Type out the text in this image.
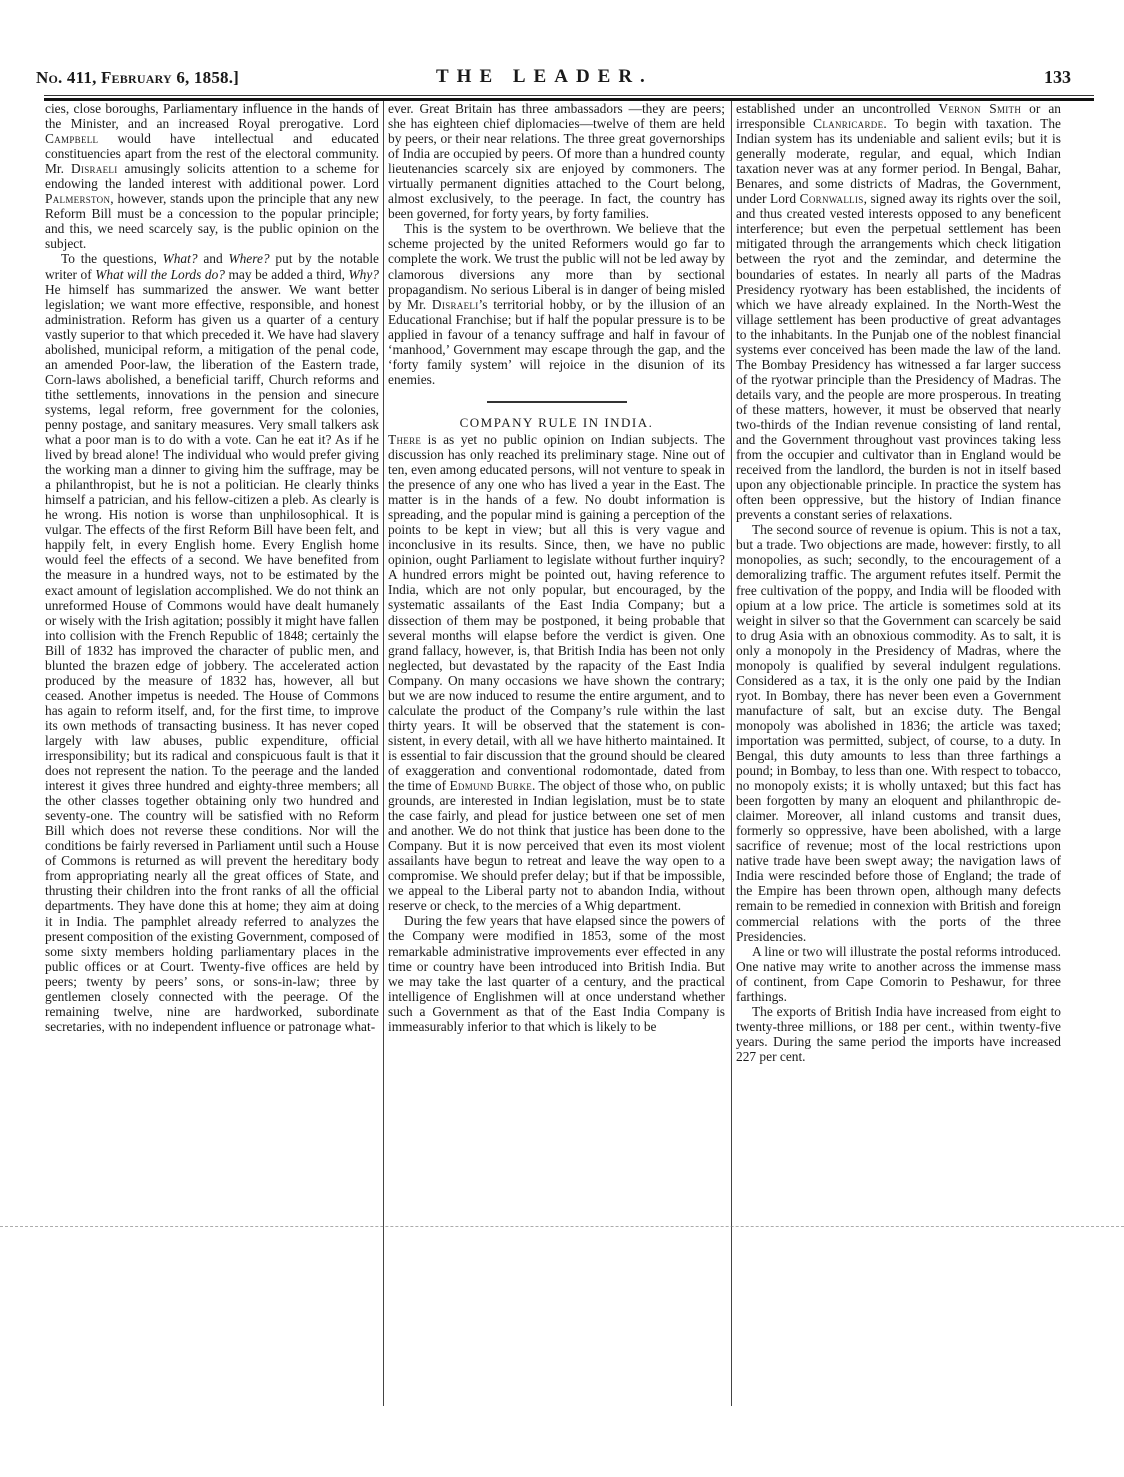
No. 411, February 6, 1858.]	THE LEADER.	133

cies, close boroughs, Parliamentary influence in the hands of the Minister, and an increased Royal prerogative. Lord Campbell would have intellectual and educated constituencies apart from the rest of the electoral community. Mr. Disraeli amusingly solicits attention to a scheme for endowing the landed interest with additional power. Lord Palmerston, however, stands upon the principle that any new Reform Bill must be a concession to the popular principle; and this, we need scarcely say, is the public opinion on the subject.

To the questions, What? and Where? put by the notable writer of What will the Lords do? may be added a third, Why? He himself has summarized the answer. We want better legislation; we want more effective, responsible, and honest administration. Reform has given us a quarter of a century vastly superior to that which preceded it. We have had slavery abolished, municipal reform, a mitigation of the penal code, an amended Poor-law, the liberation of the Eastern trade, Corn-laws abolished, a beneficial tariff, Church reforms and tithe settlements, innovations in the pension and sinecure systems, legal reform, free government for the colonies, penny postage, and sanitary measures. Very small talkers ask what a poor man is to do with a vote. Can he eat it? As if he lived by bread alone! The individual who would prefer giving the working man a dinner to giving him the suffrage, may be a philanthropist, but he is not a politician. He clearly thinks himself a patrician, and his fellow-citizen a pleb. As clearly is he wrong. His notion is worse than unphilosophical. It is vulgar. The effects of the first Reform Bill have been felt, and happily felt, in every English home. Every English home would feel the effects of a second. We have benefited from the measure in a hundred ways, not to be estimated by the exact amount of legislation accomplished. We do not think an unreformed House of Commons would have dealt humanely or wisely with the Irish agitation; possibly it might have fallen into collision with the French Republic of 1848; certainly the Bill of 1832 has improved the character of public men, and blunted the brazen edge of jobbery. The accelerated action produced by the measure of 1832 has, however, all but ceased. Another impetus is needed. The House of Commons has again to reform itself, and, for the first time, to improve its own methods of transacting business. It has never coped largely with law abuses, public expenditure, official irresponsibility; but its radical and conspicuous fault is that it does not represent the nation. To the peerage and the landed interest it gives three hundred and eighty-three members; all the other classes together obtaining only two hundred and seventy-one. The country will be satisfied with no Reform Bill which does not reverse these conditions. Nor will the conditions be fairly reversed in Parliament until such a House of Commons is returned as will prevent the hereditary body from appropriating nearly all the great offices of State, and thrusting their children into the front ranks of all the official departments. They have done this at home; they aim at doing it in India. The pamphlet already referred to analyzes the present composition of the existing Government, composed of some sixty members holding parliamentary places in the public offices or at Court. Twenty-five offices are held by peers; twenty by peers’ sons, or sons-in-law; three by gentlemen closely connected with the peerage. Of the remaining twelve, nine are hardworked, subordinate secretaries, with no independent influence or patronage what-

ever. Great Britain has three ambassadors —they are peers; she has eighteen chief diplomacies—twelve of them are held by peers, or their near relations. The three great governorships of India are occupied by peers. Of more than a hundred county lieutenancies scarcely six are enjoyed by commoners. The virtually permanent dignities attached to the Court belong, almost exclusively, to the peerage. In fact, the country has been governed, for forty years, by forty families.

This is the system to be overthrown. We believe that the scheme projected by the united Reformers would go far to complete the work. We trust the public will not be led away by clamorous diversions any more than by sectional propagandism. No serious Liberal is in danger of being misled by Mr. Disraeli’s territorial hobby, or by the illusion of an Educational Franchise; but if half the popular pressure is to be applied in favour of a tenancy suffrage and half in favour of ‘manhood,’ Government may escape through the gap, and the ‘forty family system’ will rejoice in the disunion of its enemies.

COMPANY RULE IN INDIA.

There is as yet no public opinion on Indian subjects. The discussion has only reached its preliminary stage. Nine out of ten, even among educated persons, will not venture to speak in the presence of any one who has lived a year in the East. The matter is in the hands of a few. No doubt information is spreading, and the popular mind is gaining a perception of the points to be kept in view; but all this is very vague and inconclusive in its results. Since, then, we have no public opinion, ought Parliament to legislate without further inquiry? A hundred errors might be pointed out, having reference to India, which are not only popular, but encouraged, by the systematic assailants of the East India Company; but a dissection of them may be postponed, it being probable that several months will elapse before the verdict is given. One grand fallacy, however, is, that British India has been not only neglected, but devastated by the rapacity of the East India Company. On many occasions we have shown the contrary; but we are now induced to resume the entire argument, and to calculate the product of the Company’s rule within the last thirty years. It will be observed that the statement is consistent, in every detail, with all we have hitherto maintained. It is essential to fair discussion that the ground should be cleared of exaggeration and conventional rodomontade, dated from the time of Edmund Burke. The object of those who, on public grounds, are interested in Indian legislation, must be to state the case fairly, and plead for justice between one set of men and another. We do not think that justice has been done to the Company. But it is now perceived that even its most violent assailants have begun to retreat and leave the way open to a compromise. We should prefer delay; but if that be impossible, we appeal to the Liberal party not to abandon India, without reserve or check, to the mercies of a Whig department.

During the few years that have elapsed since the powers of the Company were modified in 1853, some of the most remarkable administrative improvements ever effected in any time or country have been introduced into British India. But we may take the last quarter of a century, and the practical intelligence of Englishmen will at once understand whether such a Government as that of the East India Company is immeasurably inferior to that which is likely to be

established under an uncontrolled Vernon Smith or an irresponsible Clanricarde. To begin with taxation. The Indian system has its undeniable and salient evils; but it is generally moderate, regular, and equal, which Indian taxation never was at any former period. In Bengal, Bahar, Benares, and some districts of Madras, the Government, under Lord Cornwallis, signed away its rights over the soil, and thus created vested interests opposed to any beneficent interference; but even the perpetual settlement has been mitigated through the arrangements which check litigation between the ryot and the zemindar, and determine the boundaries of estates. In nearly all parts of the Madras Presidency ryotwary has been established, the incidents of which we have already explained. In the North-West the village settlement has been productive of great advantages to the inhabitants. In the Punjab one of the noblest financial systems ever conceived has been made the law of the land. The Bombay Presidency has witnessed a far larger success of the ryotwar principle than the Presidency of Madras. The details vary, and the people are more prosperous. In treating of these matters, however, it must be observed that nearly two-thirds of the Indian revenue consisting of land rental, and the Government throughout vast provinces taking less from the occupier and cultivator than in England would be received from the landlord, the burden is not in itself based upon any objectionable principle. In practice the system has often been oppressive, but the history of Indian finance prevents a constant series of relaxations.

The second source of revenue is opium. This is not a tax, but a trade. Two objections are made, however: firstly, to all monopolies, as such; secondly, to the encouragement of a demoralizing traffic. The argument refutes itself. Permit the free cultivation of the poppy, and India will be flooded with opium at a low price. The article is sometimes sold at its weight in silver so that the Government can scarcely be said to drug Asia with an obnoxious commodity. As to salt, it is only a monopoly in the Presidency of Madras, where the monopoly is qualified by several indulgent regulations. Considered as a tax, it is the only one paid by the Indian ryot. In Bombay, there has never been even a Government manufacture of salt, but an excise duty. The Bengal monopoly was abolished in 1836; the article was taxed; importation was permitted, subject, of course, to a duty. In Bengal, this duty amounts to less than three farthings a pound; in Bombay, to less than one. With respect to tobacco, no monopoly exists; it is wholly untaxed; but this fact has been forgotten by many an eloquent and philanthropic declaimer. Moreover, all inland customs and transit dues, formerly so oppressive, have been abolished, with a large sacrifice of revenue; most of the local restrictions upon native trade have been swept away; the navigation laws of India were rescinded before those of England; the trade of the Empire has been thrown open, although many defects remain to be remedied in connexion with British and foreign commercial relations with the ports of the three Presidencies.

A line or two will illustrate the postal reforms introduced. One native may write to another across the immense mass of continent, from Cape Comorin to Peshawur, for three farthings.

The exports of British India have increased from eight to twenty-three millions, or 188 per cent., within twenty-five years. During the same period the imports have increased 227 per cent.
